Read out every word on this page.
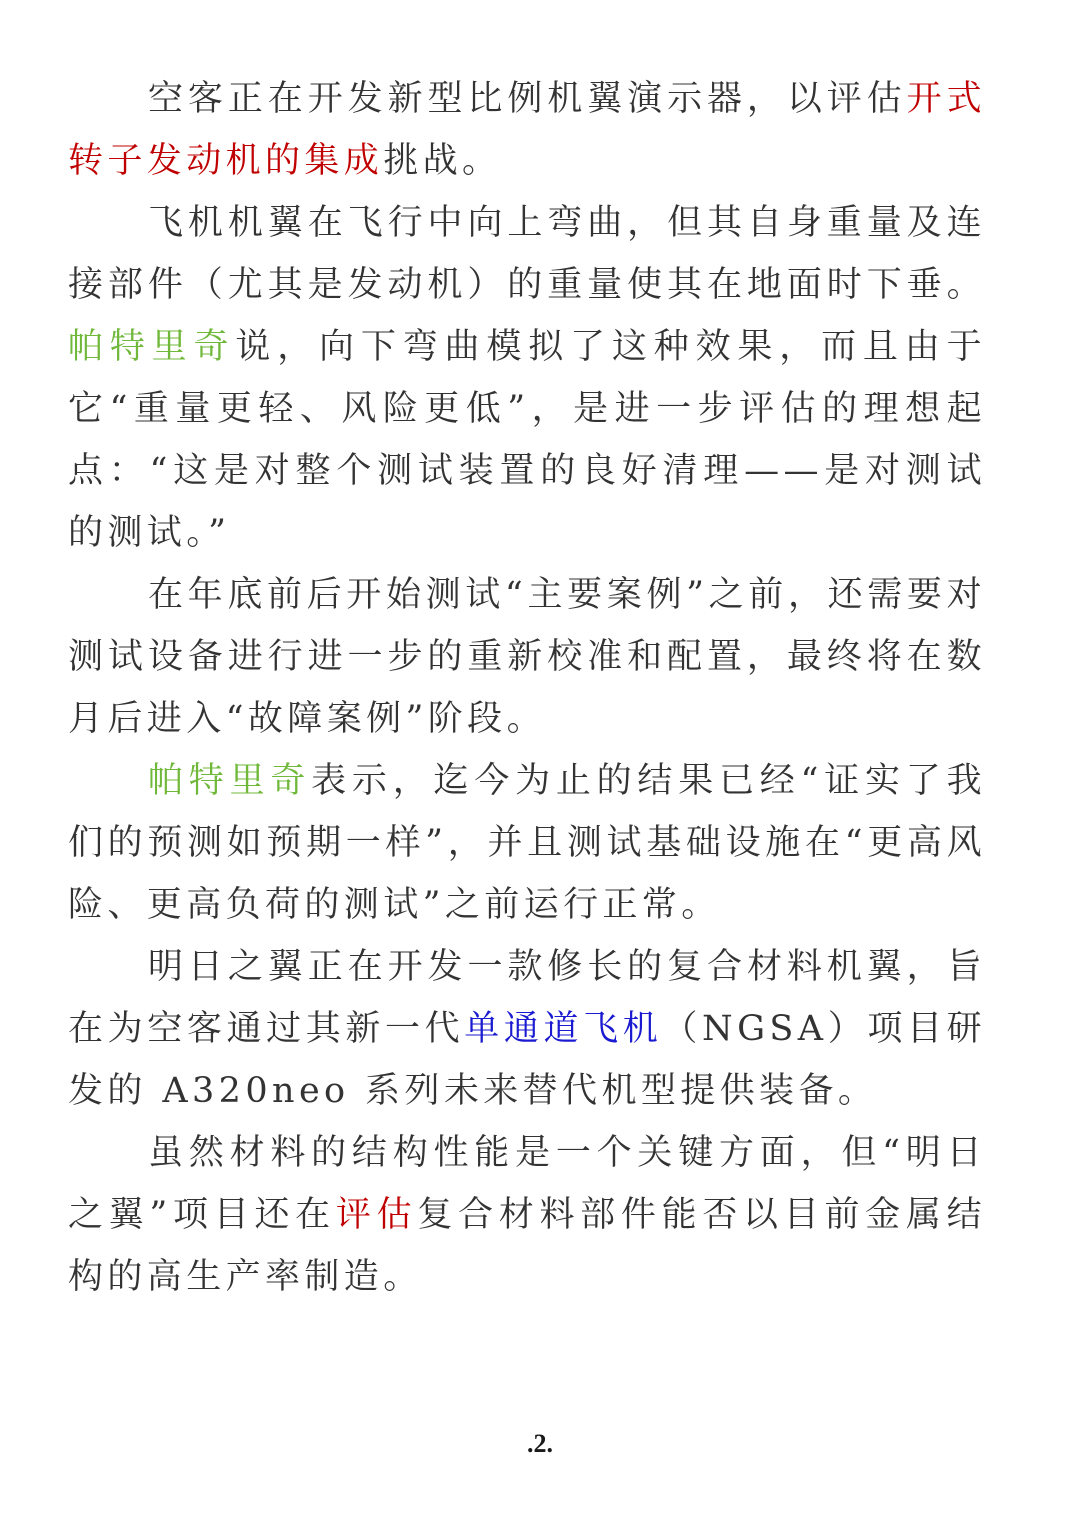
空客正在开发新型比例机翼演示器，以评估开式转子发动机的集成挑战。

飞机机翼在飞行中向上弯曲，但其自身重量及连接部件（尤其是发动机）的重量使其在地面时下垂。帕特里奇说，向下弯曲模拟了这种效果，而且由于它“重量更轻、风险更低”，是进一步评估的理想起点：“这是对整个测试装置的良好清理——是对测试的测试。”

在年底前后开始测试“主要案例”之前，还需要对测试设备进行进一步的重新校准和配置，最终将在数月后进入“故障案例”阶段。

帕特里奇表示，迄今为止的结果已经“证实了我们的预测如预期一样”，并且测试基础设施在“更高风险、更高负荷的测试”之前运行正常。

明日之翼正在开发一款修长的复合材料机翼，旨在为空客通过其新一代单通道飞机（NGSA）项目研发的 A320neo 系列未来替代机型提供装备。

虽然材料的结构性能是一个关键方面，但“明日之翼”项目还在评估复合材料部件能否以目前金属结构的高生产率制造。

.2.
